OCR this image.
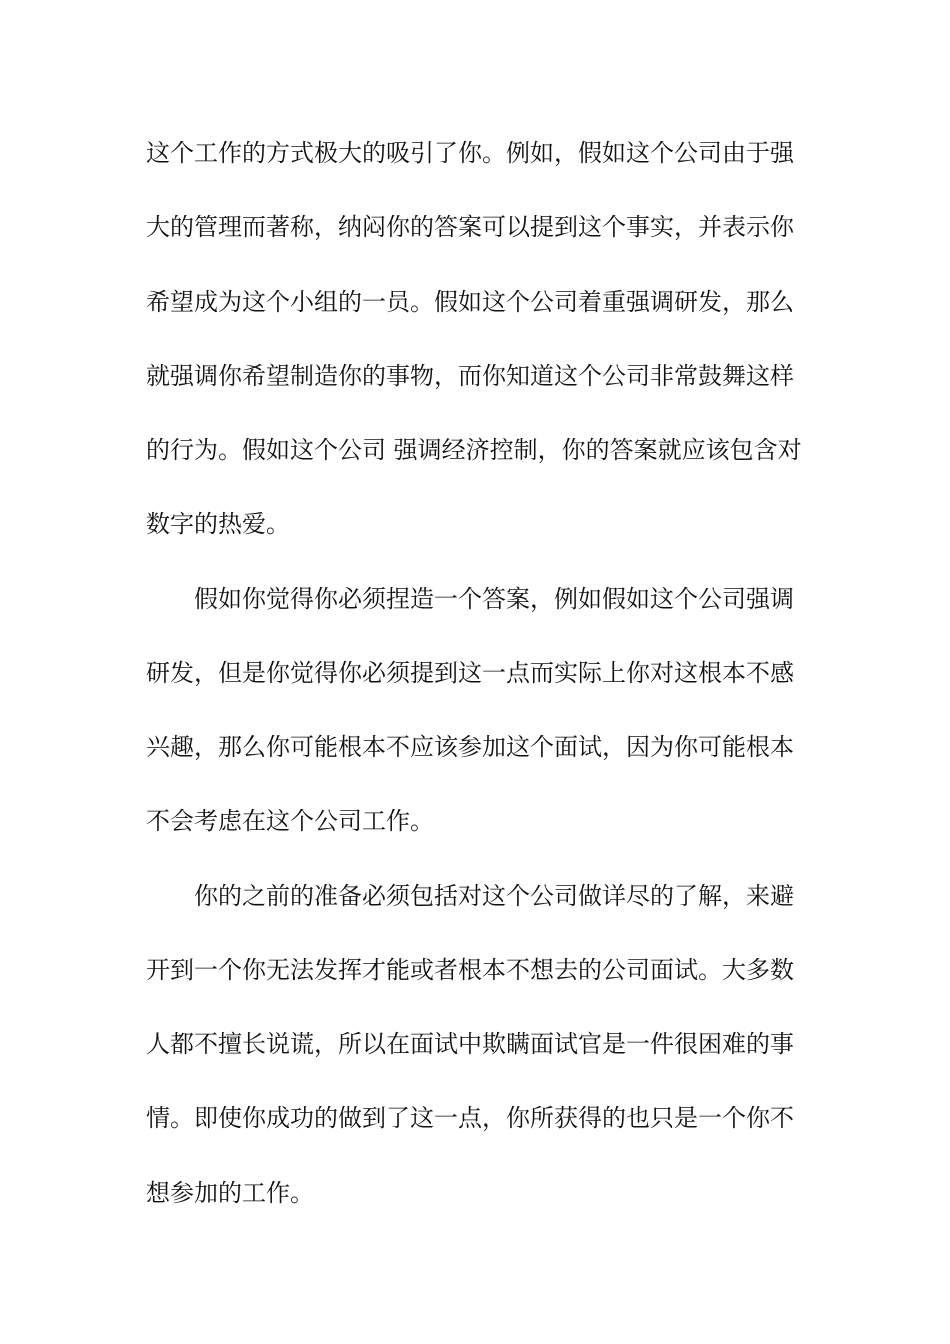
这个工作的方式极大的吸引了你。例如，假如这个公司由于强
大的管理而著称，纳闷你的答案可以提到这个事实，并表示你
希望成为这个小组的一员。假如这个公司着重强调研发，那么
就强调你希望制造你的事物，而你知道这个公司非常鼓舞这样
的行为。假如这个公司 强调经济控制，你的答案就应该包含对
数字的热爱。
假如你觉得你必须捏造一个答案，例如假如这个公司强调
研发，但是你觉得你必须提到这一点而实际上你对这根本不感
兴趣，那么你可能根本不应该参加这个面试，因为你可能根本
不会考虑在这个公司工作。
你的之前的准备必须包括对这个公司做详尽的了解，来避
开到一个你无法发挥才能或者根本不想去的公司面试。大多数
人都不擅长说谎，所以在面试中欺瞒面试官是一件很困难的事
情。即使你成功的做到了这一点，你所获得的也只是一个你不
想参加的工作。
